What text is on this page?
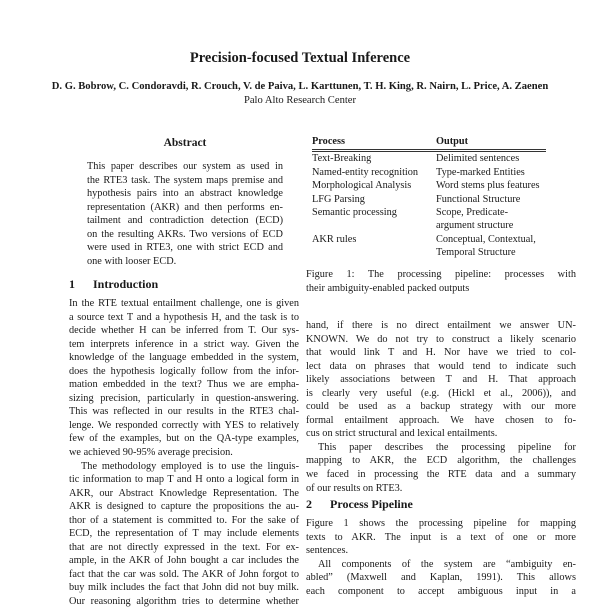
Precision-focused Textual Inference
D. G. Bobrow, C. Condoravdi, R. Crouch, V. de Paiva, L. Karttunen, T. H. King, R. Nairn, L. Price, A. Zaenen
Palo Alto Research Center
Abstract
This paper describes our system as used in
the RTE3 task. The system maps premise and
hypothesis pairs into an abstract knowledge
representation (AKR) and then performs en-
tailment and contradiction detection (ECD)
on the resulting AKRs. Two versions of ECD
were used in RTE3, one with strict ECD and
one with looser ECD.
1 Introduction
In the RTE textual entailment challenge, one is given
a source text T and a hypothesis H, and the task is to
decide whether H can be inferred from T. Our sys-
tem interprets inference in a strict way. Given the
knowledge of the language embedded in the system,
does the hypothesis logically follow from the infor-
mation embedded in the text? Thus we are empha-
sizing precision, particularly in question-answering.
This was reflected in our results in the RTE3 chal-
lenge. We responded correctly with YES to relatively
few of the examples, but on the QA-type examples,
we achieved 90-95% average precision.
The methodology employed is to use the linguis-
tic information to map T and H onto a logical form in
AKR, our Abstract Knowledge Representation. The
AKR is designed to capture the propositions the au-
thor of a statement is committed to. For the sake of
ECD, the representation of T may include elements
that are not directly expressed in the text. For ex-
ample, in the AKR of John bought a car includes the
fact that the car was sold. The AKR of John forgot to
buy milk includes the fact that John did not buy milk.
Our reasoning algorithm tries to determine whether
Process	Output
Text-Breaking	Delimited sentences
Named-entity recognition	Type-marked Entities
Morphological Analysis	Word stems plus features
LFG Parsing	Functional Structure
Semantic processing	Scope, Predicate-
argument structure
AKR rules	Conceptual, Contextual,
Temporal Structure
Figure 1: The processing pipeline: processes with
their ambiguity-enabled packed outputs
hand, if there is no direct entailment we answer UN-
KNOWN. We do not try to construct a likely scenario
that would link T and H. Nor have we tried to col-
lect data on phrases that would tend to indicate such
likely associations between T and H. That approach
is clearly very useful (e.g. (Hickl et al., 2006)), and
could be used as a backup strategy with our more
formal entailment approach. We have chosen to fo-
cus on strict structural and lexical entailments.
This paper describes the processing pipeline for
mapping to AKR, the ECD algorithm, the challenges
we faced in processing the RTE data and a summary
of our results on RTE3.
2 Process Pipeline
Figure 1 shows the processing pipeline for mapping
texts to AKR. The input is a text of one or more
sentences.
All components of the system are “ambiguity en-
abled” (Maxwell and Kaplan, 1991). This allows
each component to accept ambiguous input in a
